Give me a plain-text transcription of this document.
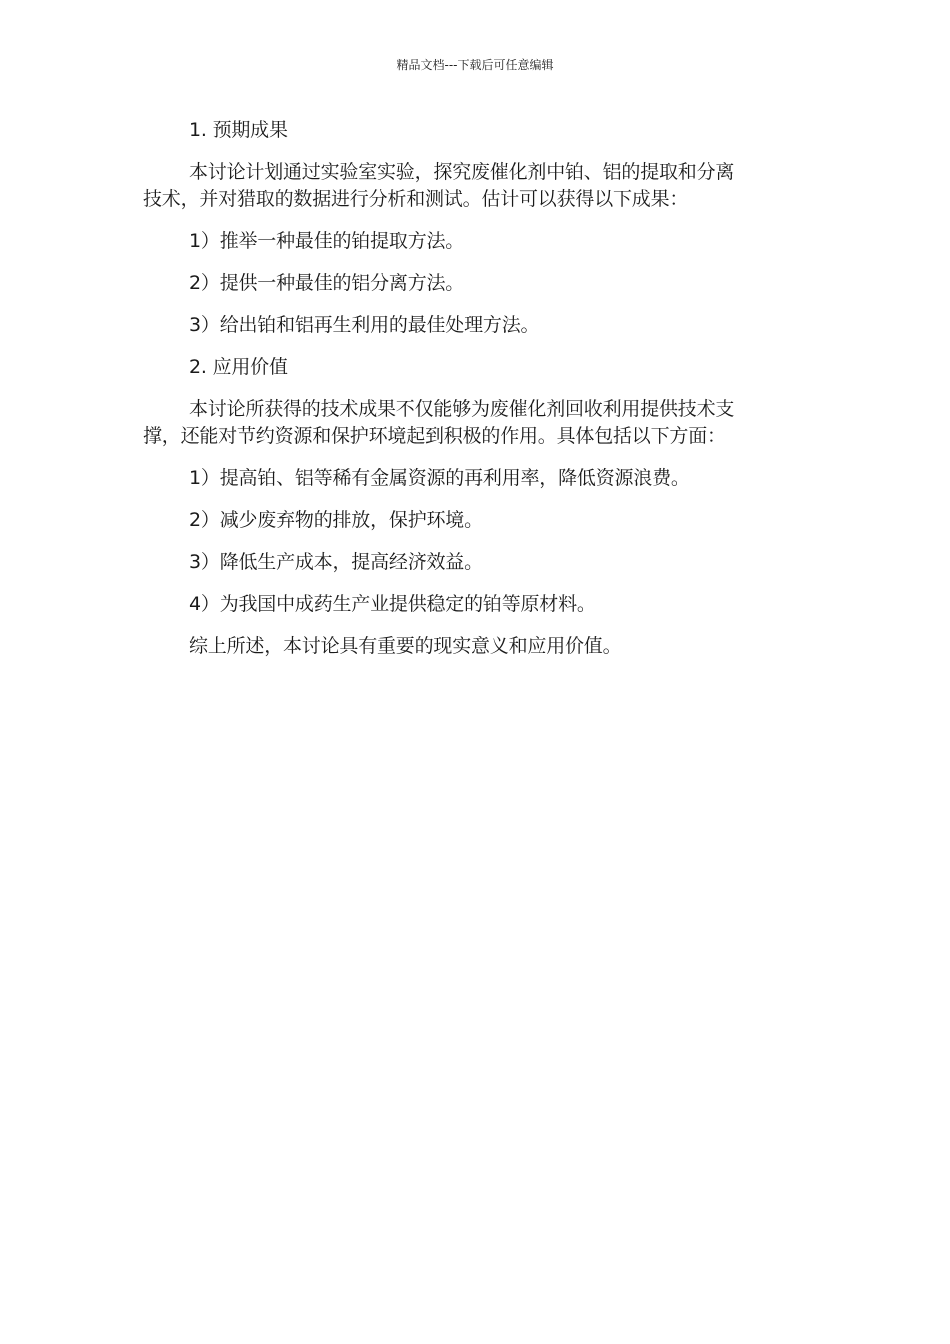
精品文档---下载后可任意编辑
1. 预期成果
本讨论计划通过实验室实验，探究废催化剂中铂、铝的提取和分离
技术，并对猎取的数据进行分析和测试。估计可以获得以下成果：
1）推举一种最佳的铂提取方法。
2）提供一种最佳的铝分离方法。
3）给出铂和铝再生利用的最佳处理方法。
2. 应用价值
本讨论所获得的技术成果不仅能够为废催化剂回收利用提供技术支
撑，还能对节约资源和保护环境起到积极的作用。具体包括以下方面：
1）提高铂、铝等稀有金属资源的再利用率，降低资源浪费。
2）减少废弃物的排放，保护环境。
3）降低生产成本，提高经济效益。
4）为我国中成药生产业提供稳定的铂等原材料。
综上所述，本讨论具有重要的现实意义和应用价值。
